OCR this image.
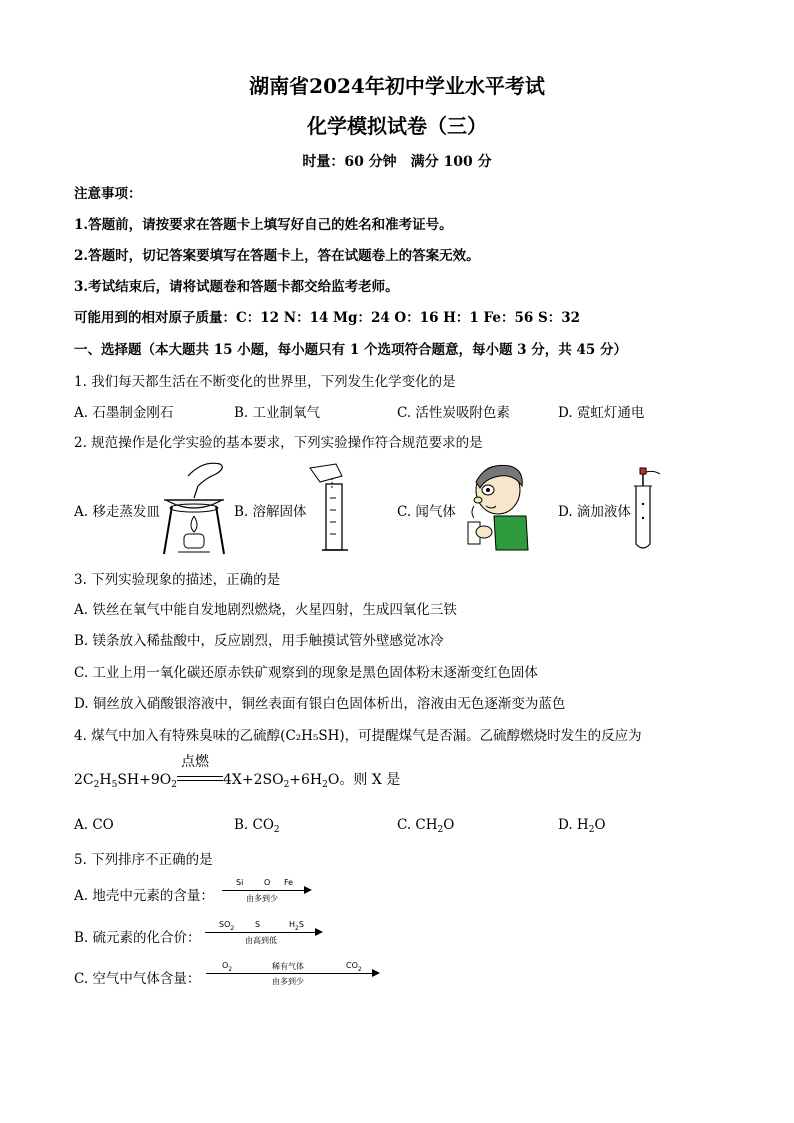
湖南省2024年初中学业水平考试
化学模拟试卷（三）
时量：60 分钟　满分 100 分
注意事项：
1.答题前，请按要求在答题卡上填写好自己的姓名和准考证号。
2.答题时，切记答案要填写在答题卡上，答在试题卷上的答案无效。
3.考试结束后，请将试题卷和答题卡都交给监考老师。
可能用到的相对原子质量：C：12 N：14 Mg：24 O：16 H：1 Fe：56 S：32
一、选择题（本大题共 15 小题，每小题只有 1 个选项符合题意，每小题 3 分，共 45 分）
1. 我们每天都生活在不断变化的世界里，下列发生化学变化的是
A. 石墨制金刚石	B. 工业制氧气	C. 活性炭吸附色素	D. 霓虹灯通电
2. 规范操作是化学实验的基本要求，下列实验操作符合规范要求的是
A. 移走蒸发皿	B. 溶解固体	C. 闻气体	D. 滴加液体
3. 下列实验现象的描述，正确的是
A. 铁丝在氧气中能自发地剧烈燃烧，火星四射，生成四氧化三铁
B. 镁条放入稀盐酸中，反应剧烈，用手触摸试管外壁感觉冰冷
C. 工业上用一氧化碳还原赤铁矿观察到的现象是黑色固体粉末逐渐变红色固体
D. 铜丝放入硝酸银溶液中，铜丝表面有银白色固体析出，溶液由无色逐渐变为蓝色
4. 煤气中加入有特殊臭味的乙硫醇(C₂H₅SH)，可提醒煤气是否漏。乙硫醇燃烧时发生的反应为
$2C_2H_5SH+9O_2$
点燃
$4X+2SO_2+6H_2O$。则 X 是
A. CO	B. $CO_2$	C. $CH_2O$	D. $H_2O$
5. 下列排序不正确的是
A. 地壳中元素的含量：
Si	O Fe
由多到少
B. 硫元素的化合价：
$SO_2$	S	$H_2S$
由高到低
C. 空气中气体含量：
$O_2$	稀有气体	$CO_2$
由多到少
